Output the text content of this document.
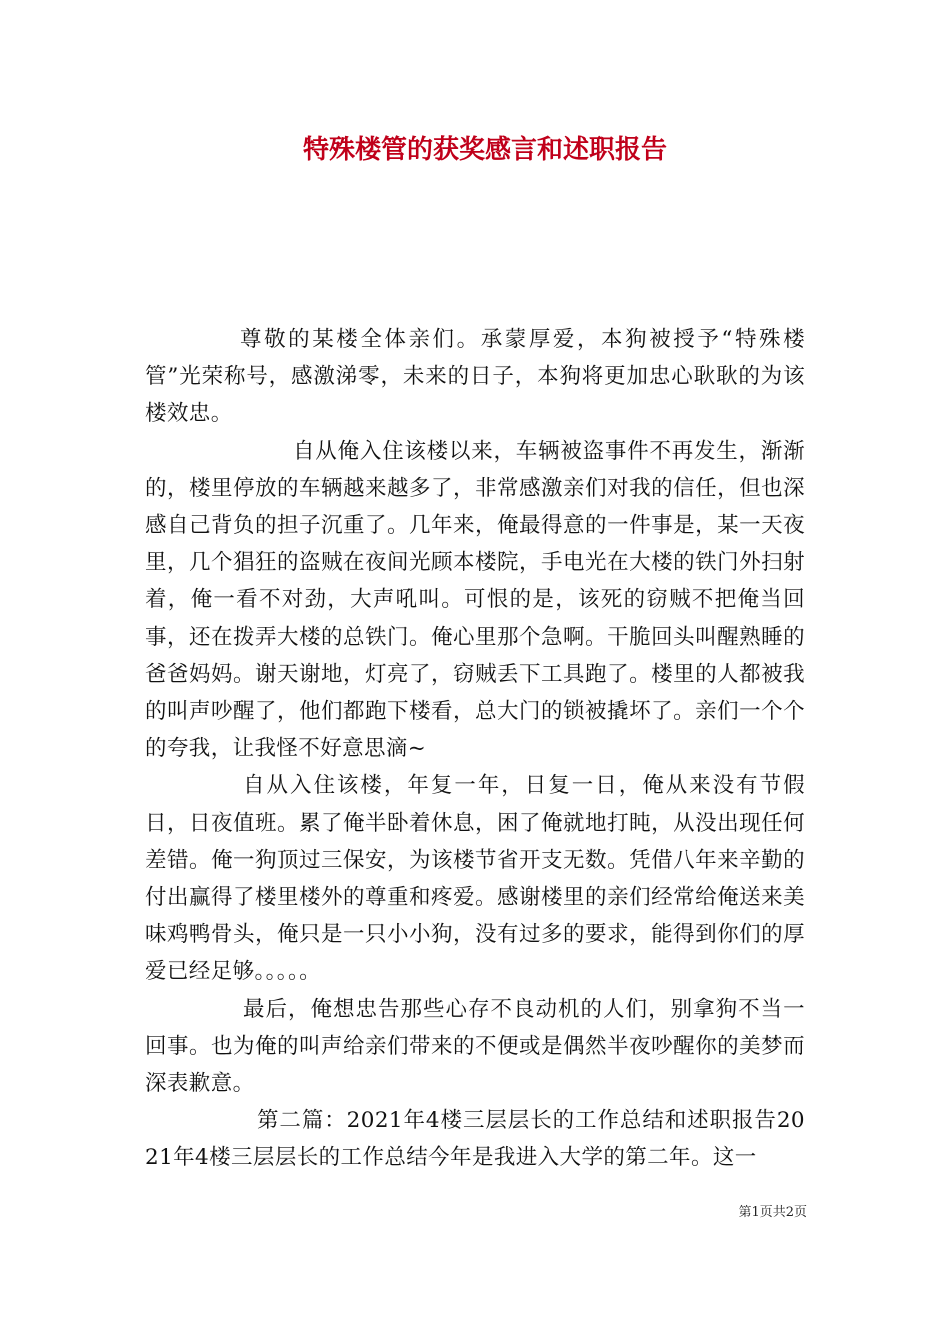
特殊楼管的获奖感言和述职报告

尊敬的某楼全体亲们。承蒙厚爱，本狗被授予“特殊楼管”光荣称号，感激涕零，未来的日子，本狗将更加忠心耿耿的为该楼效忠。

自从俺入住该楼以来，车辆被盗事件不再发生，渐渐的，楼里停放的车辆越来越多了，非常感激亲们对我的信任，但也深感自己背负的担子沉重了。几年来，俺最得意的一件事是，某一天夜里，几个猖狂的盗贼在夜间光顾本楼院，手电光在大楼的铁门外扫射着，俺一看不对劲，大声吼叫。可恨的是，该死的窃贼不把俺当回事，还在拨弄大楼的总铁门。俺心里那个急啊。干脆回头叫醒熟睡的爸爸妈妈。谢天谢地，灯亮了，窃贼丢下工具跑了。楼里的人都被我的叫声吵醒了，他们都跑下楼看，总大门的锁被撬坏了。亲们一个个的夸我，让我怪不好意思滴~

自从入住该楼，年复一年，日复一日，俺从来没有节假日，日夜值班。累了俺半卧着休息，困了俺就地打盹，从没出现任何差错。俺一狗顶过三保安，为该楼节省开支无数。凭借八年来辛勤的付出赢得了楼里楼外的尊重和疼爱。感谢楼里的亲们经常给俺送来美味鸡鸭骨头，俺只是一只小小狗，没有过多的要求，能得到你们的厚爱已经足够。。。。。

最后，俺想忠告那些心存不良动机的人们，别拿狗不当一回事。也为俺的叫声给亲们带来的不便或是偶然半夜吵醒你的美梦而深表歉意。

第二篇：2021年4楼三层层长的工作总结和述职报告2021年4楼三层层长的工作总结今年是我进入大学的第二年。这一

第1页共2页
